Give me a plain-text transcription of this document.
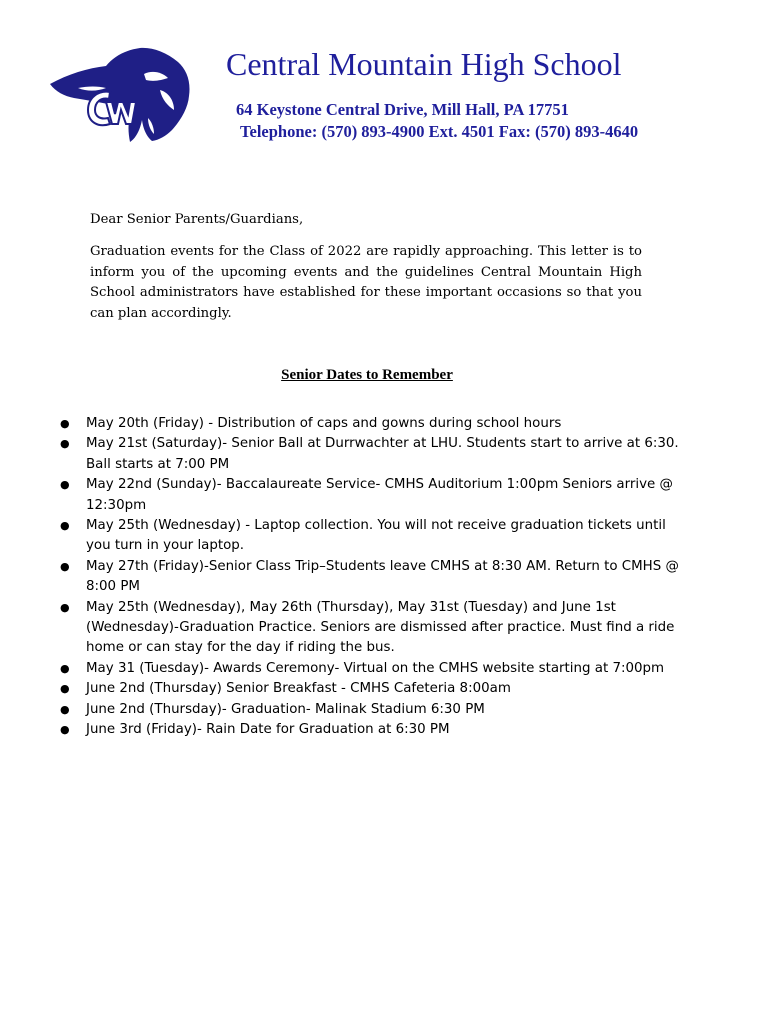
Central Mountain High School
64 Keystone Central Drive, Mill Hall, PA 17751
Telephone: (570) 893-4900 Ext. 4501 Fax: (570) 893-4640
Dear Senior Parents/Guardians,

Graduation events for the Class of 2022 are rapidly approaching. This letter is to inform you of the upcoming events and the guidelines Central Mountain High School administrators have established for these important occasions so that you can plan accordingly.

Senior Dates to Remember
●	May 20th (Friday) - Distribution of caps and gowns during school hours
●	May 21st (Saturday)- Senior Ball at Durrwachter at LHU. Students start to arrive at 6:30. Ball starts at 7:00 PM
●	May 22nd (Sunday)- Baccalaureate Service- CMHS Auditorium 1:00pm Seniors arrive @ 12:30pm
●	May 25th (Wednesday) - Laptop collection. You will not receive graduation tickets until you turn in your laptop.
●	May 27th (Friday)-Senior Class Trip–Students leave CMHS at 8:30 AM. Return to CMHS @ 8:00 PM
●	May 25th (Wednesday), May 26th (Thursday), May 31st (Tuesday) and June 1st (Wednesday)-Graduation Practice. Seniors are dismissed after practice. Must find a ride home or can stay for the day if riding the bus.
●	May 31 (Tuesday)- Awards Ceremony- Virtual on the CMHS website starting at 7:00pm
●	June 2nd (Thursday) Senior Breakfast - CMHS Cafeteria 8:00am
●	June 2nd (Thursday)- Graduation- Malinak Stadium 6:30 PM
●	June 3rd (Friday)- Rain Date for Graduation at 6:30 PM
